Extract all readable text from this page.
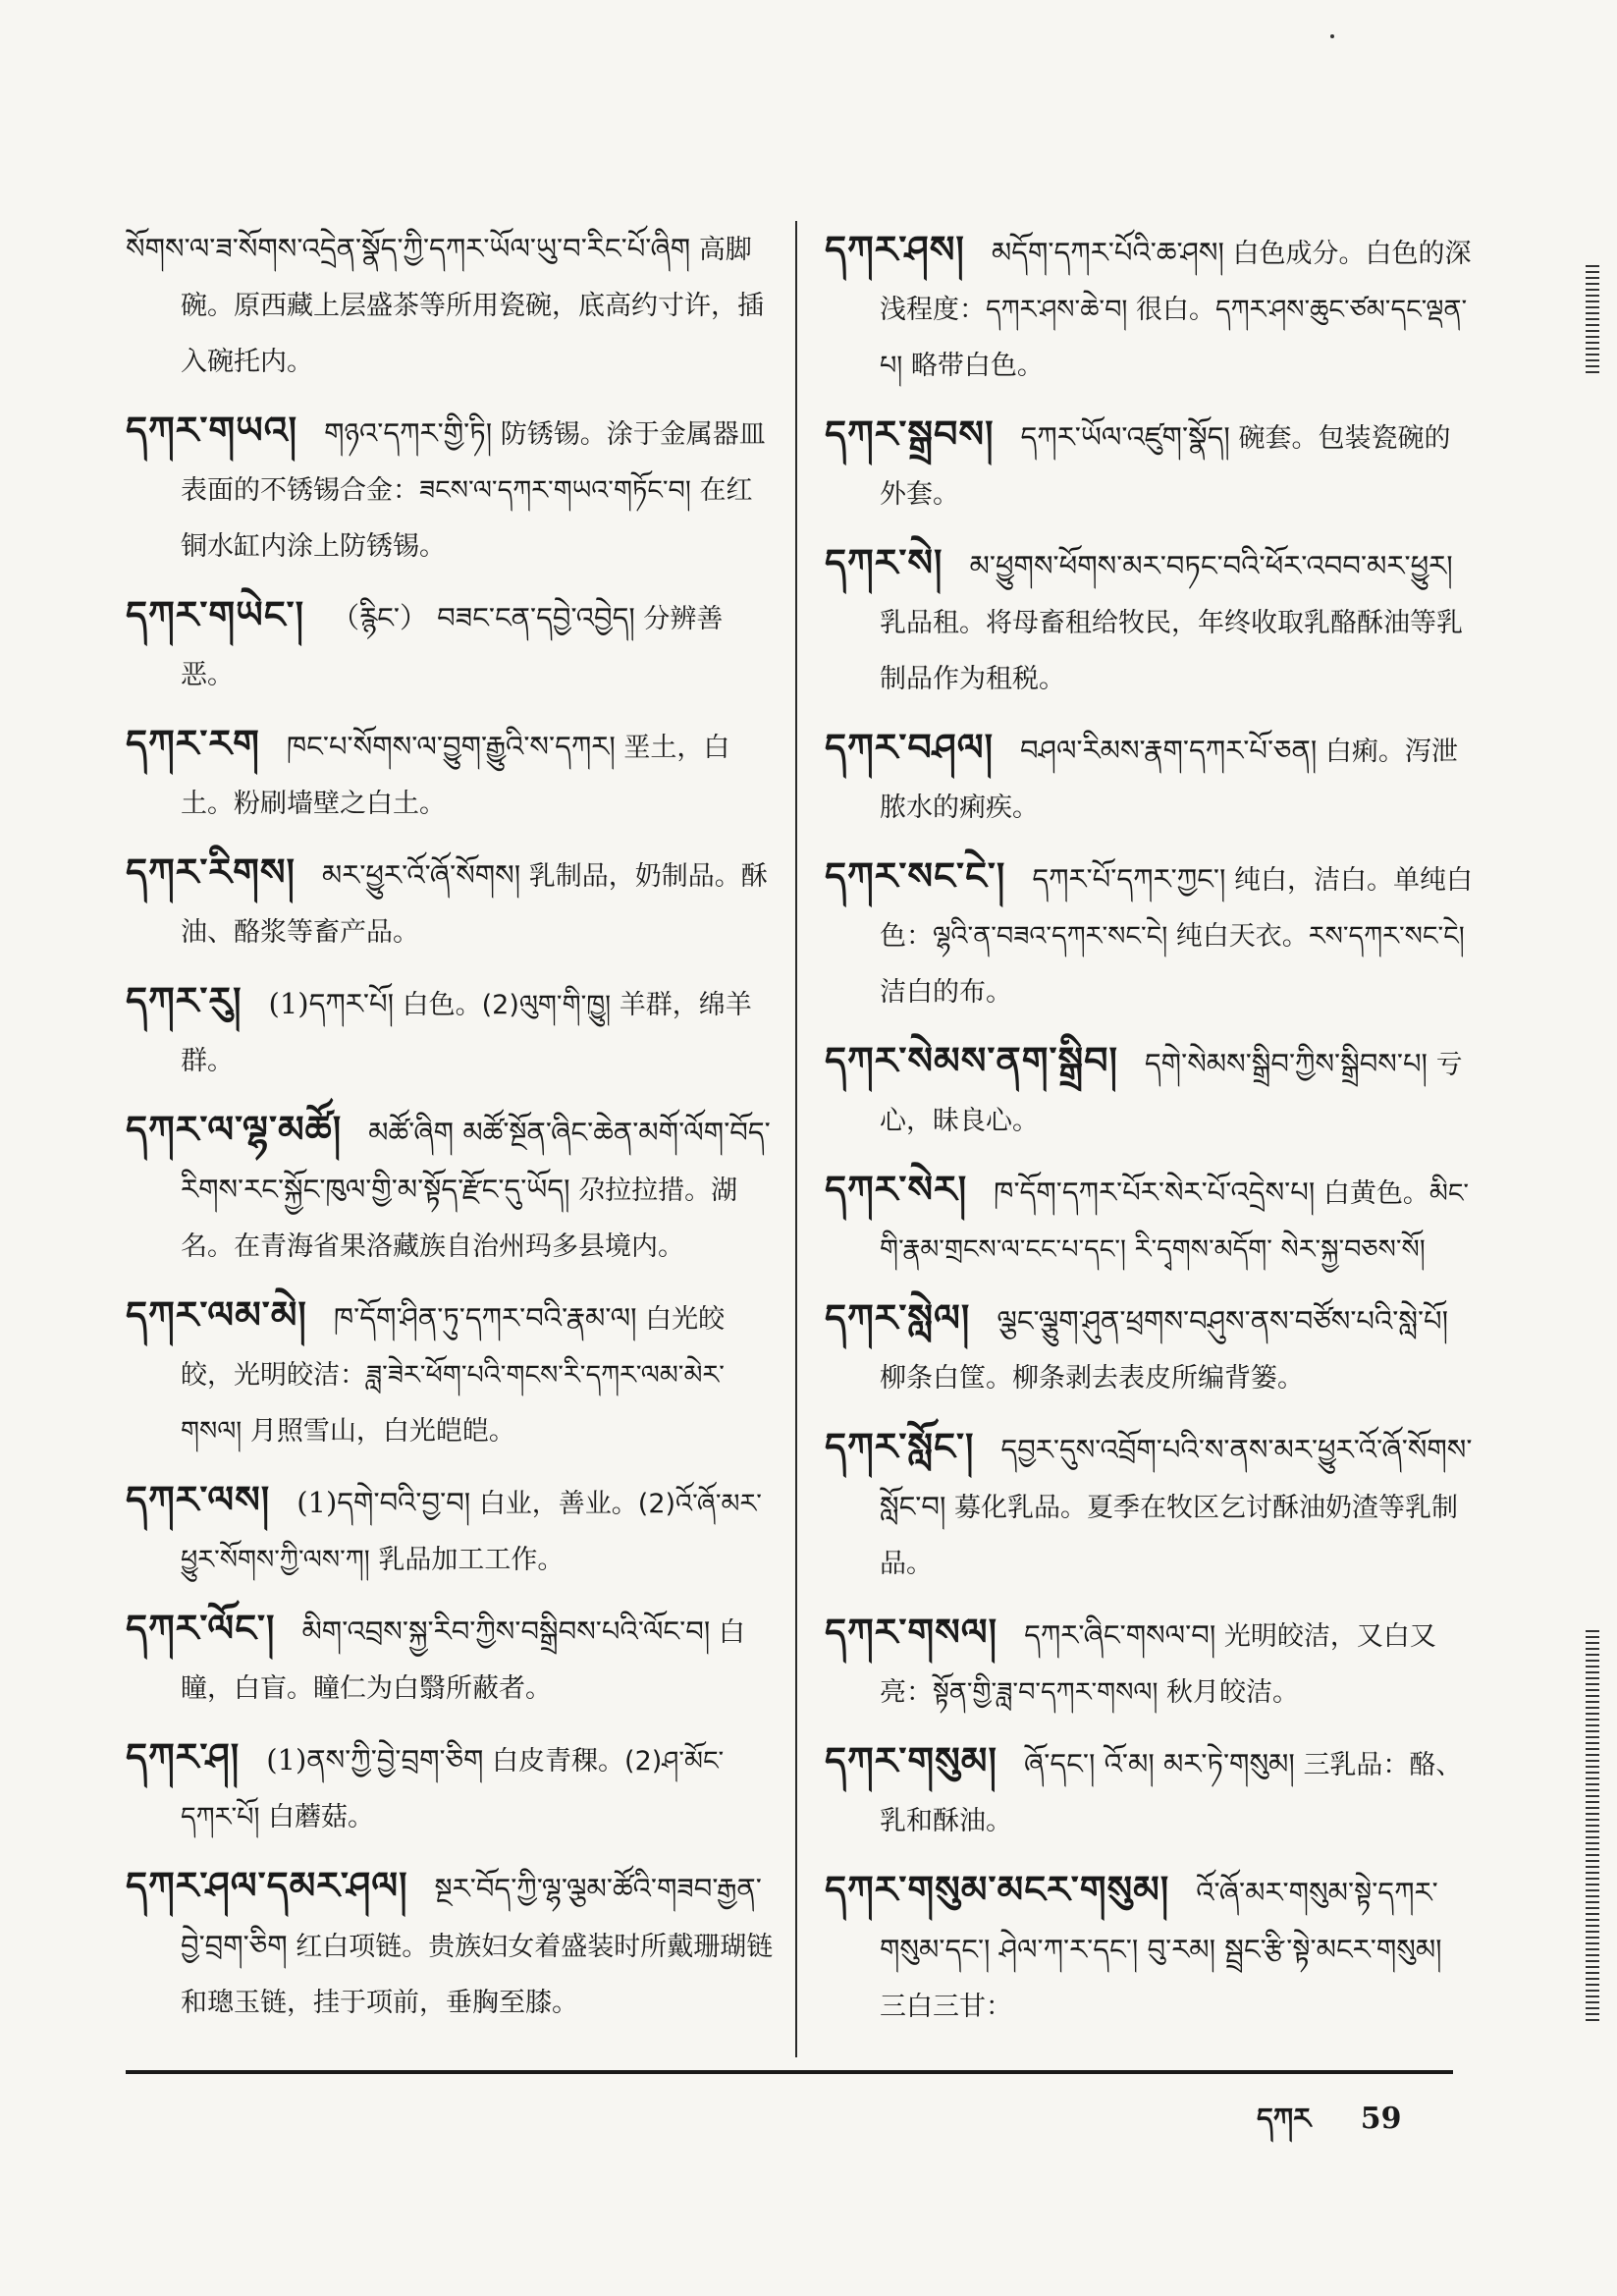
སོགས་ལ་ཟ་སོགས་འདྲེན་སྣོད་ཀྱི་དཀར་ཡོལ་ཡུ་བ་རིང་པོ་ཞིག 高脚碗。原西藏上层盛茶等所用瓷碗，底高约寸许，插入碗托内。
དཀར་གཡའ།  གཉའ་དཀར་གྱི་ཏི། 防锈锡。涂于金属器皿表面的不锈锡合金：ཟངས་ལ་དཀར་གཡའ་གཏོང་བ། 在红铜水缸内涂上防锈锡。
དཀར་གཡེང་།  （རྙིང་） བཟང་ངན་དབྱེ་འབྱེད། 分辨善恶。
དཀར་རག  ཁང་པ་སོགས་ལ་བྱུག་རྒྱུའི་ས་དཀར། 垩土，白土。粉刷墙壁之白土。
དཀར་རིགས།  མར་ཕྱུར་འོ་ཞོ་སོགས། 乳制品，奶制品。酥油、酪浆等畜产品。
དཀར་རུ།  (1)དཀར་པོ། 白色。(2)ལུག་གི་ཁྱུ། 羊群，绵羊群。
དཀར་ལ་ལྷ་མཚོ།  མཚོ་ཞིག མཚོ་སྔོན་ཞིང་ཆེན་མགོ་ལོག་བོད་རིགས་རང་སྐྱོང་ཁུལ་གྱི་མ་སྟོད་རྫོང་དུ་ཡོད། 尕拉拉措。湖名。在青海省果洛藏族自治州玛多县境内。
དཀར་ལམ་མེ།  ཁ་དོག་ཤིན་ཏུ་དཀར་བའི་རྣམ་ལ། 白光皎皎，光明皎洁：ཟླ་ཟེར་ཕོག་པའི་གངས་རི་དཀར་ལམ་མེར་གསལ། 月照雪山，白光皑皑。
དཀར་ལས།  (1)དགེ་བའི་བྱ་བ། 白业，善业。(2)འོ་ཞོ་མར་ཕྱུར་སོགས་ཀྱི་ལས་ཀ། 乳品加工工作。
དཀར་ལོང་།  མིག་འབྲས་སྐྱ་རིབ་ཀྱིས་བསྒྲིབས་པའི་ལོང་བ། 白瞳，白盲。瞳仁为白翳所蔽者。
དཀར་ཤ།  (1)ནས་ཀྱི་བྱེ་བྲག་ཅིག 白皮青稞。(2)ཤ་མོང་དཀར་པོ། 白蘑菇。
དཀར་ཤལ་དམར་ཤལ།  སྔར་བོད་ཀྱི་ལྷ་ལྕམ་ཚོའི་གཟབ་རྒྱན་བྱེ་བྲག་ཅིག 红白项链。贵族妇女着盛装时所戴珊瑚链和璁玉链，挂于项前，垂胸至膝。
དཀར་ཤས།  མདོག་དཀར་པོའི་ཆ་ཤས། 白色成分。白色的深浅程度：དཀར་ཤས་ཆེ་བ། 很白。དཀར་ཤས་ཆུང་ཙམ་དང་ལྡན་པ། 略带白色。
དཀར་སྒྲབས།  དཀར་ཡོལ་འཛུག་སྣོད། 碗套。包装瓷碗的外套。
དཀར་སེ།  མ་ཕྱུགས་ཕོགས་མར་བཏང་བའི་ཕོར་འབབ་མར་ཕྱུར། 乳品租。将母畜租给牧民，年终收取乳酪酥油等乳制品作为租税。
དཀར་བཤལ།  བཤལ་རིམས་རྣག་དཀར་པོ་ཅན། 白痢。泻泄脓水的痢疾。
དཀར་སང་ངེ་།  དཀར་པོ་དཀར་ཀྱང་། 纯白，洁白。单纯白色：ལྷའི་ན་བཟའ་དཀར་སང་ངེ། 纯白天衣。རས་དཀར་སང་ངེ། 洁白的布。
དཀར་སེམས་ནག་སྒྲིབ།  དགེ་སེམས་སྒྲིབ་ཀྱིས་སྒྲིབས་པ། 亏心，昧良心。
དཀར་སེར།  ཁ་དོག་དཀར་པོར་སེར་པོ་འདྲེས་པ། 白黄色。མིང་གི་རྣམ་གྲངས་ལ་ངང་པ་དང་། རི་དྭགས་མདོག་ སེར་སྐྱ་བཅས་སོ།
དཀར་སླེལ།  ལྕང་ལྕུག་ཤུན་ཕྲགས་བཤུས་ནས་བཙོས་པའི་སླེ་པོ། 柳条白筐。柳条剥去表皮所编背篓。
དཀར་སློང་།  དབྱར་དུས་འབྲོག་པའི་ས་ནས་མར་ཕྱུར་འོ་ཞོ་སོགས་སློང་བ། 募化乳品。夏季在牧区乞讨酥油奶渣等乳制品。
དཀར་གསལ།  དཀར་ཞིང་གསལ་བ། 光明皎洁，又白又亮：སྟོན་གྱི་ཟླ་བ་དཀར་གསལ། 秋月皎洁。
དཀར་གསུམ།  ཞོ་དང་། འོ་མ། མར་ཏེ་གསུམ། 三乳品：酪、乳和酥油。
དཀར་གསུམ་མངར་གསུམ།  འོ་ཞོ་མར་གསུམ་སྟེ་དཀར་གསུམ་དང་། ཤེལ་ཀ་ར་དང་། བུ་རམ། སྦྲང་རྩི་སྟེ་མངར་གསུམ། 三白三甘：
དཀར 59
